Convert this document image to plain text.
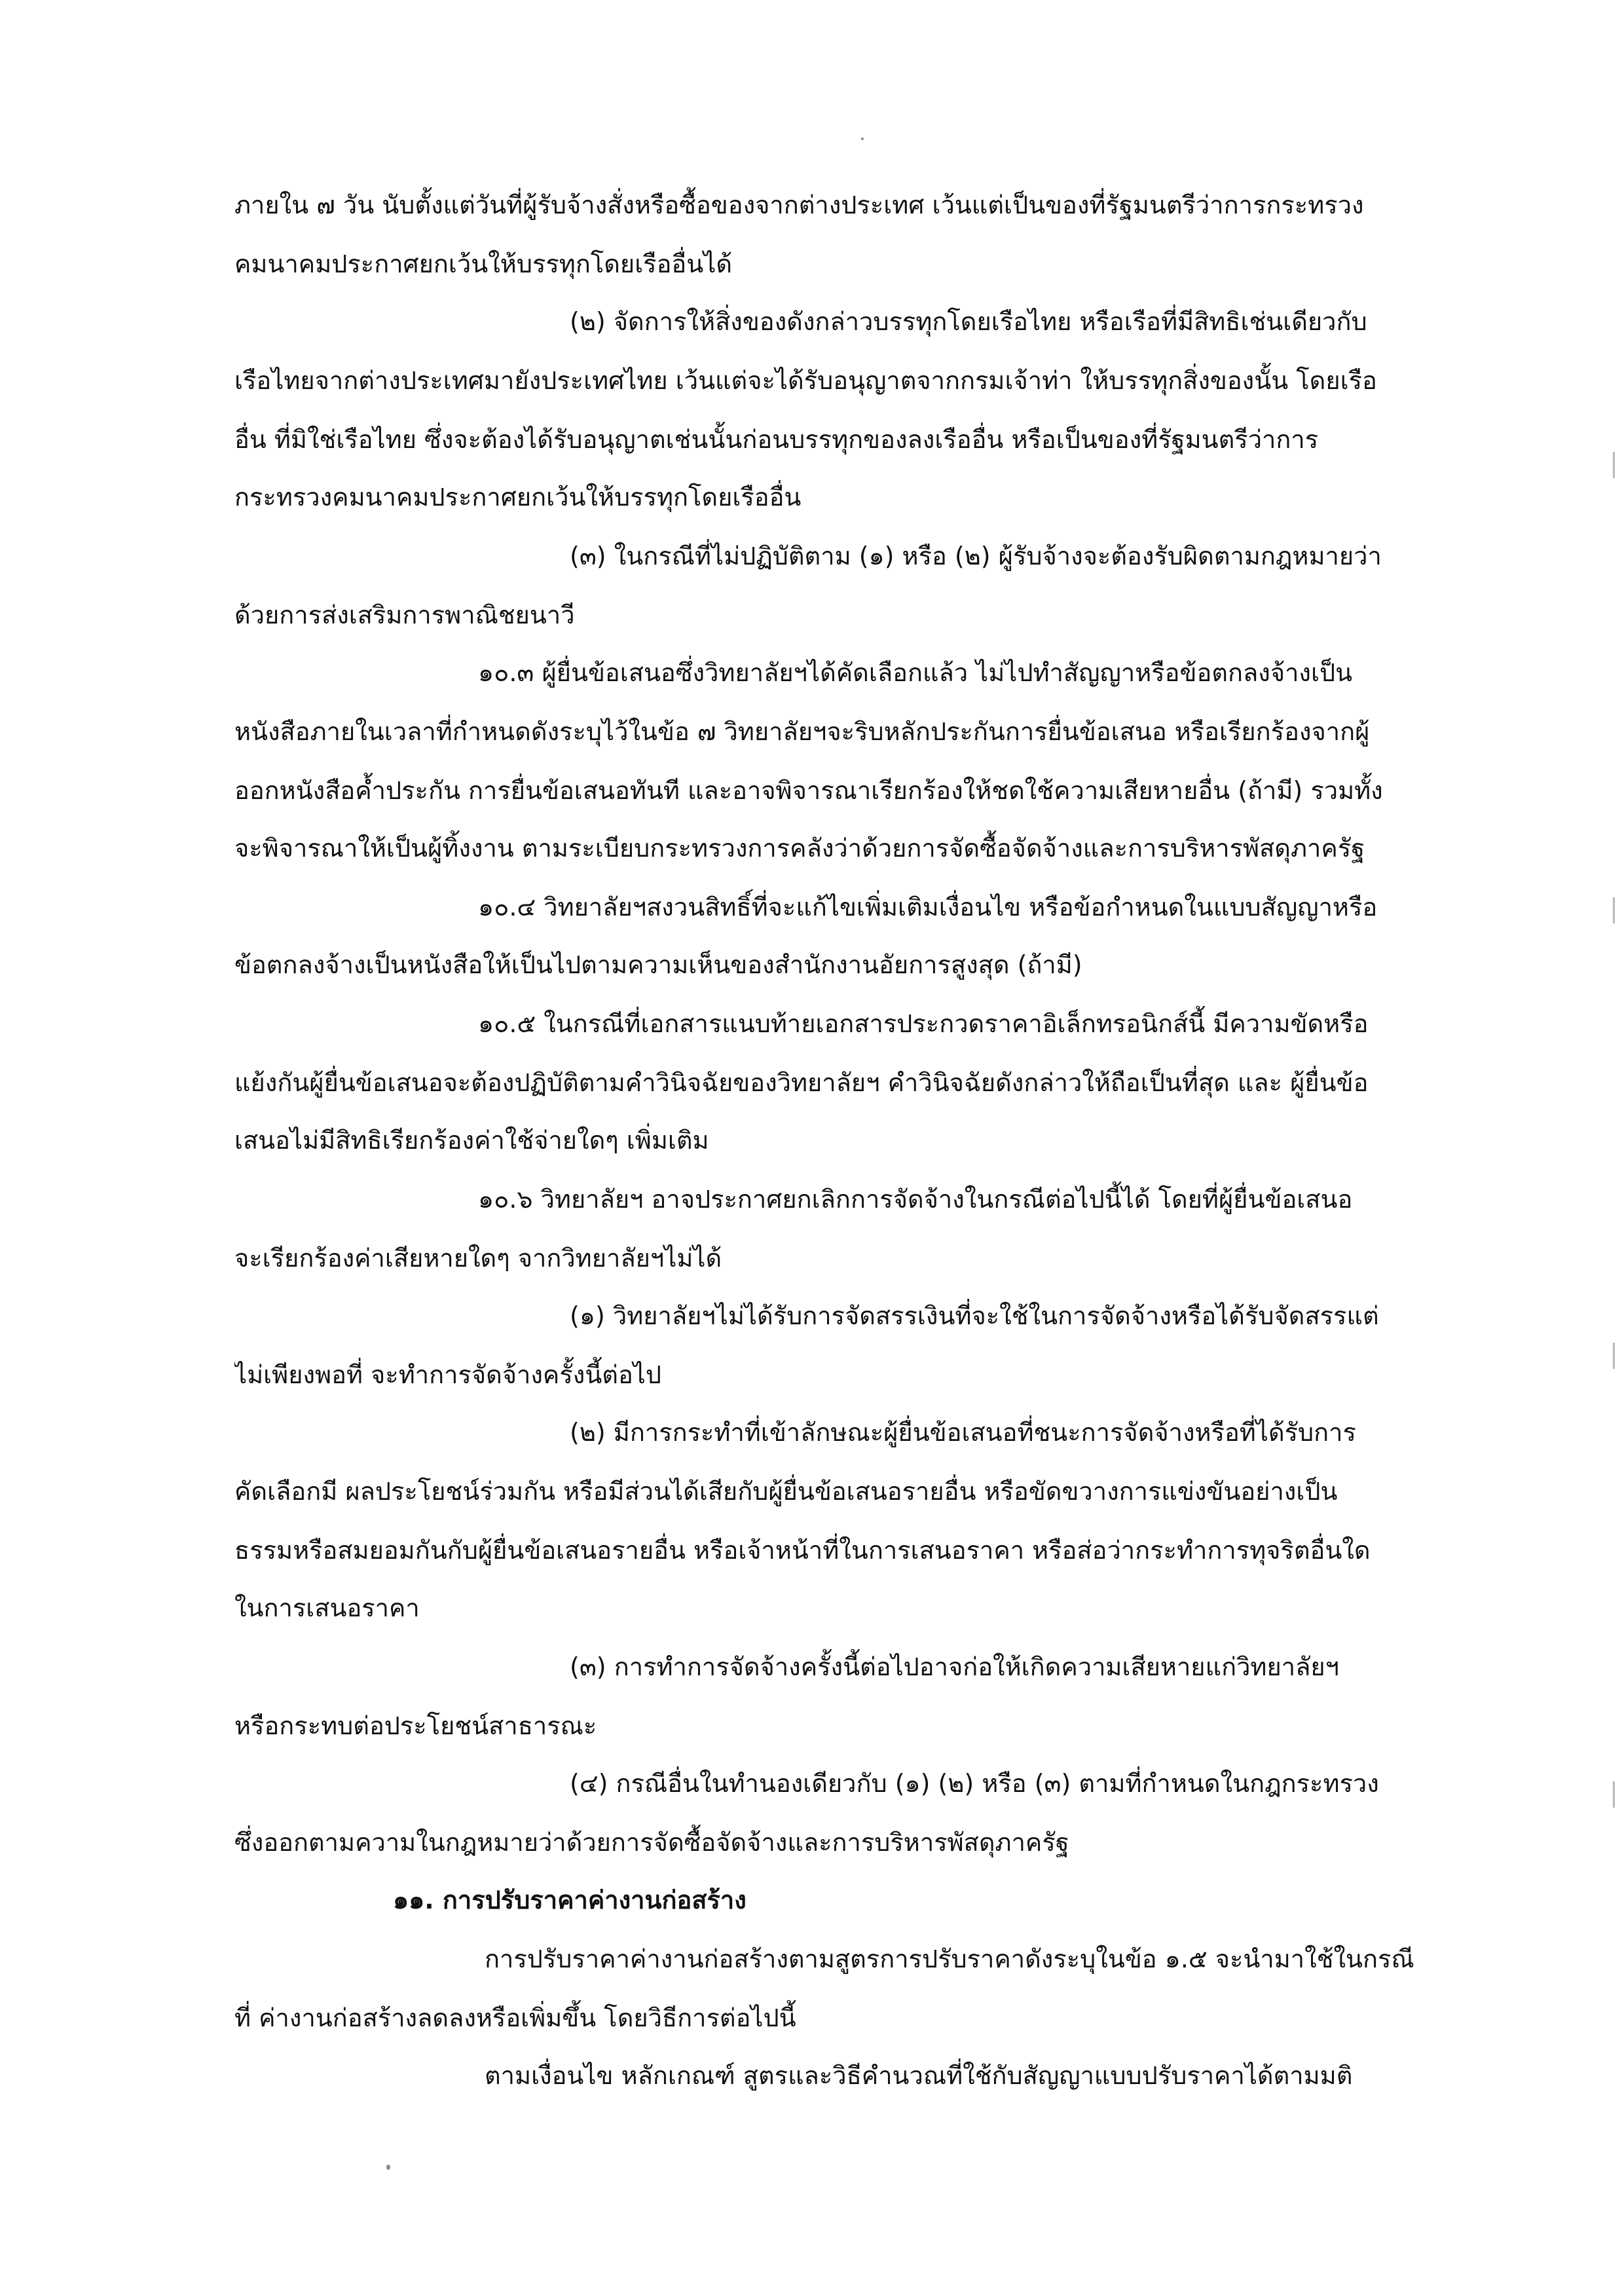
ภายใน ๗ วัน นับตั้งแต่วันที่ผู้รับจ้างสั่งหรือซื้อของจากต่างประเทศ เว้นแต่เป็นของที่รัฐมนตรีว่าการกระทรวง
คมนาคมประกาศยกเว้นให้บรรทุกโดยเรืออื่นได้
(๒) จัดการให้สิ่งของดังกล่าวบรรทุกโดยเรือไทย หรือเรือที่มีสิทธิเช่นเดียวกับ
เรือไทยจากต่างประเทศมายังประเทศไทย เว้นแต่จะได้รับอนุญาตจากกรมเจ้าท่า ให้บรรทุกสิ่งของนั้น โดยเรือ
อื่น ที่มิใช่เรือไทย ซึ่งจะต้องได้รับอนุญาตเช่นนั้นก่อนบรรทุกของลงเรืออื่น หรือเป็นของที่รัฐมนตรีว่าการ
กระทรวงคมนาคมประกาศยกเว้นให้บรรทุกโดยเรืออื่น
(๓) ในกรณีที่ไม่ปฏิบัติตาม (๑) หรือ (๒) ผู้รับจ้างจะต้องรับผิดตามกฎหมายว่า
ด้วยการส่งเสริมการพาณิชยนาวี
๑๐.๓ ผู้ยื่นข้อเสนอซึ่งวิทยาลัยฯได้คัดเลือกแล้ว ไม่ไปทำสัญญาหรือข้อตกลงจ้างเป็น
หนังสือภายในเวลาที่กำหนดดังระบุไว้ในข้อ ๗ วิทยาลัยฯจะริบหลักประกันการยื่นข้อเสนอ หรือเรียกร้องจากผู้
ออกหนังสือค้ำประกัน การยื่นข้อเสนอทันที และอาจพิจารณาเรียกร้องให้ชดใช้ความเสียหายอื่น (ถ้ามี) รวมทั้ง
จะพิจารณาให้เป็นผู้ทิ้งงาน ตามระเบียบกระทรวงการคลังว่าด้วยการจัดซื้อจัดจ้างและการบริหารพัสดุภาครัฐ
๑๐.๔ วิทยาลัยฯสงวนสิทธิ์ที่จะแก้ไขเพิ่มเติมเงื่อนไข หรือข้อกำหนดในแบบสัญญาหรือ
ข้อตกลงจ้างเป็นหนังสือให้เป็นไปตามความเห็นของสำนักงานอัยการสูงสุด (ถ้ามี)
๑๐.๕ ในกรณีที่เอกสารแนบท้ายเอกสารประกวดราคาอิเล็กทรอนิกส์นี้ มีความขัดหรือ
แย้งกันผู้ยื่นข้อเสนอจะต้องปฏิบัติตามคำวินิจฉัยของวิทยาลัยฯ คำวินิจฉัยดังกล่าวให้ถือเป็นที่สุด และ ผู้ยื่นข้อ
เสนอไม่มีสิทธิเรียกร้องค่าใช้จ่ายใดๆ เพิ่มเติม
๑๐.๖ วิทยาลัยฯ อาจประกาศยกเลิกการจัดจ้างในกรณีต่อไปนี้ได้ โดยที่ผู้ยื่นข้อเสนอ
จะเรียกร้องค่าเสียหายใดๆ จากวิทยาลัยฯไม่ได้
(๑) วิทยาลัยฯไม่ได้รับการจัดสรรเงินที่จะใช้ในการจัดจ้างหรือได้รับจัดสรรแต่
ไม่เพียงพอที่ จะทำการจัดจ้างครั้งนี้ต่อไป
(๒) มีการกระทำที่เข้าลักษณะผู้ยื่นข้อเสนอที่ชนะการจัดจ้างหรือที่ได้รับการ
คัดเลือกมี ผลประโยชน์ร่วมกัน หรือมีส่วนได้เสียกับผู้ยื่นข้อเสนอรายอื่น หรือขัดขวางการแข่งขันอย่างเป็น
ธรรมหรือสมยอมกันกับผู้ยื่นข้อเสนอรายอื่น หรือเจ้าหน้าที่ในการเสนอราคา หรือส่อว่ากระทำการทุจริตอื่นใด
ในการเสนอราคา
(๓) การทำการจัดจ้างครั้งนี้ต่อไปอาจก่อให้เกิดความเสียหายแก่วิทยาลัยฯ
หรือกระทบต่อประโยชน์สาธารณะ
(๔) กรณีอื่นในทำนองเดียวกับ (๑) (๒) หรือ (๓) ตามที่กำหนดในกฎกระทรวง
ซึ่งออกตามความในกฎหมายว่าด้วยการจัดซื้อจัดจ้างและการบริหารพัสดุภาครัฐ
๑๑. การปรับราคาค่างานก่อสร้าง
การปรับราคาค่างานก่อสร้างตามสูตรการปรับราคาดังระบุในข้อ ๑.๕ จะนำมาใช้ในกรณี
ที่ ค่างานก่อสร้างลดลงหรือเพิ่มขึ้น โดยวิธีการต่อไปนี้
ตามเงื่อนไข หลักเกณฑ์ สูตรและวิธีคำนวณที่ใช้กับสัญญาแบบปรับราคาได้ตามมติ
